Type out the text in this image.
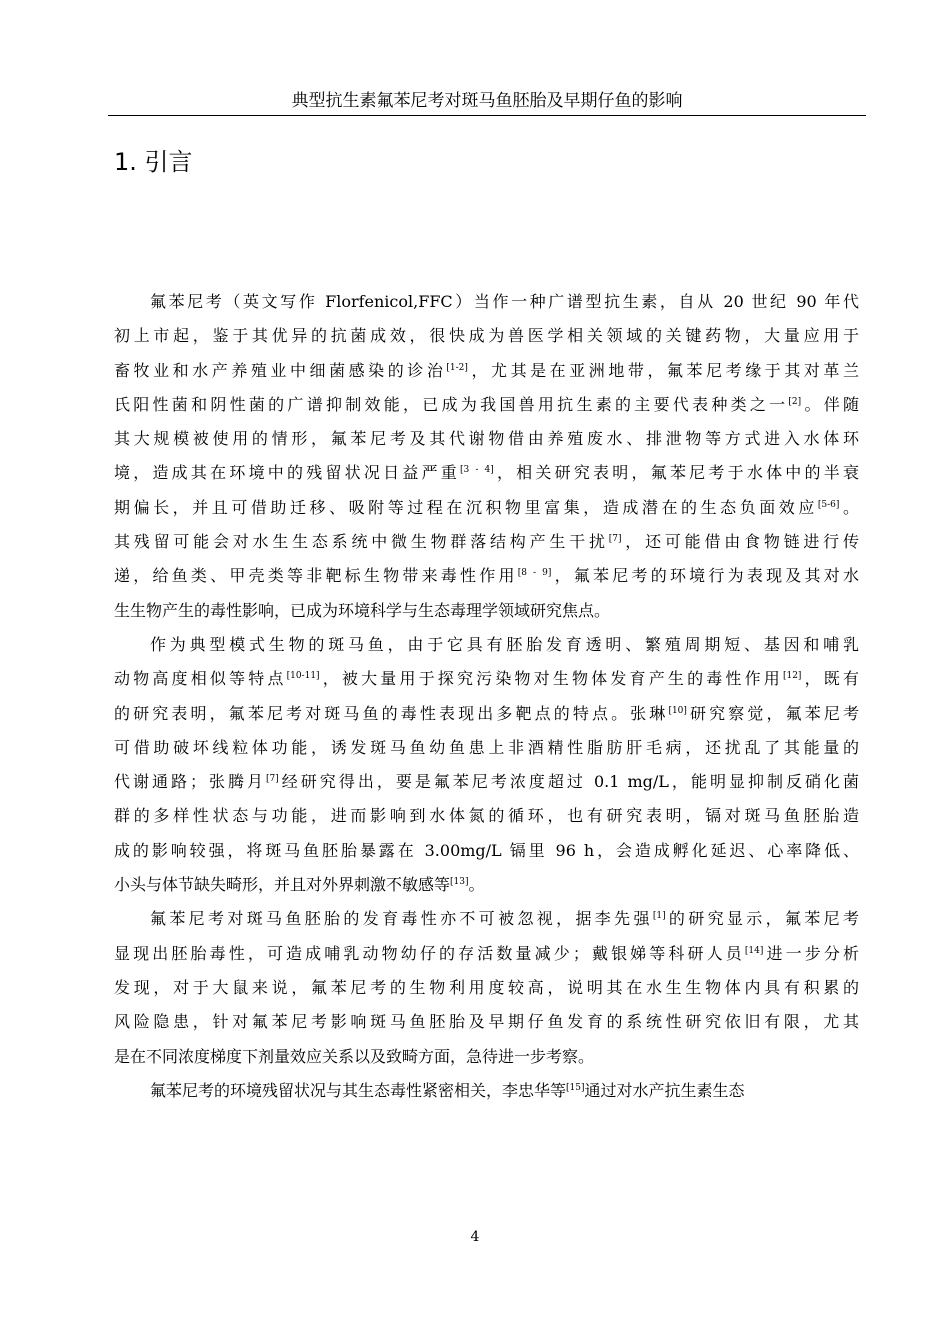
典型抗生素氟苯尼考对斑马鱼胚胎及早期仔鱼的影响
1. 引言

氟苯尼考（英文写作 Florfenicol,FFC）当作一种广谱型抗生素，自从 20 世纪 90 年代
初上市起，鉴于其优异的抗菌成效，很快成为兽医学相关领域的关键药物，大量应用于
畜牧业和水产养殖业中细菌感染的诊治[1-2]，尤其是在亚洲地带，氟苯尼考缘于其对革兰
氏阳性菌和阴性菌的广谱抑制效能，已成为我国兽用抗生素的主要代表种类之一[2]。伴随
其大规模被使用的情形，氟苯尼考及其代谢物借由养殖废水、排泄物等方式进入水体环
境，造成其在环境中的残留状况日益严重[3 - 4]，相关研究表明，氟苯尼考于水体中的半衰
期偏长，并且可借助迁移、吸附等过程在沉积物里富集，造成潜在的生态负面效应[5-6]。
其残留可能会对水生生态系统中微生物群落结构产生干扰[7]，还可能借由食物链进行传
递，给鱼类、甲壳类等非靶标生物带来毒性作用[8 - 9]，氟苯尼考的环境行为表现及其对水
生生物产生的毒性影响，已成为环境科学与生态毒理学领域研究焦点。

作为典型模式生物的斑马鱼，由于它具有胚胎发育透明、繁殖周期短、基因和哺乳
动物高度相似等特点[10-11]，被大量用于探究污染物对生物体发育产生的毒性作用[12]，既有
的研究表明，氟苯尼考对斑马鱼的毒性表现出多靶点的特点。张琳[10]研究察觉，氟苯尼考
可借助破坏线粒体功能，诱发斑马鱼幼鱼患上非酒精性脂肪肝毛病，还扰乱了其能量的
代谢通路；张腾月[7]经研究得出，要是氟苯尼考浓度超过 0.1 mg/L，能明显抑制反硝化菌
群的多样性状态与功能，进而影响到水体氮的循环，也有研究表明，镉对斑马鱼胚胎造
成的影响较强，将斑马鱼胚胎暴露在 3.00mg/L 镉里 96 h，会造成孵化延迟、心率降低、
小头与体节缺失畸形，并且对外界刺激不敏感等[13]。

氟苯尼考对斑马鱼胚胎的发育毒性亦不可被忽视，据李先强[1]的研究显示，氟苯尼考
显现出胚胎毒性，可造成哺乳动物幼仔的存活数量减少；戴银娣等科研人员[14]进一步分析
发现，对于大鼠来说，氟苯尼考的生物利用度较高，说明其在水生生物体内具有积累的
风险隐患，针对氟苯尼考影响斑马鱼胚胎及早期仔鱼发育的系统性研究依旧有限，尤其
是在不同浓度梯度下剂量效应关系以及致畸方面，急待进一步考察。

氟苯尼考的环境残留状况与其生态毒性紧密相关，李忠华等[15]通过对水产抗生素生态

4
